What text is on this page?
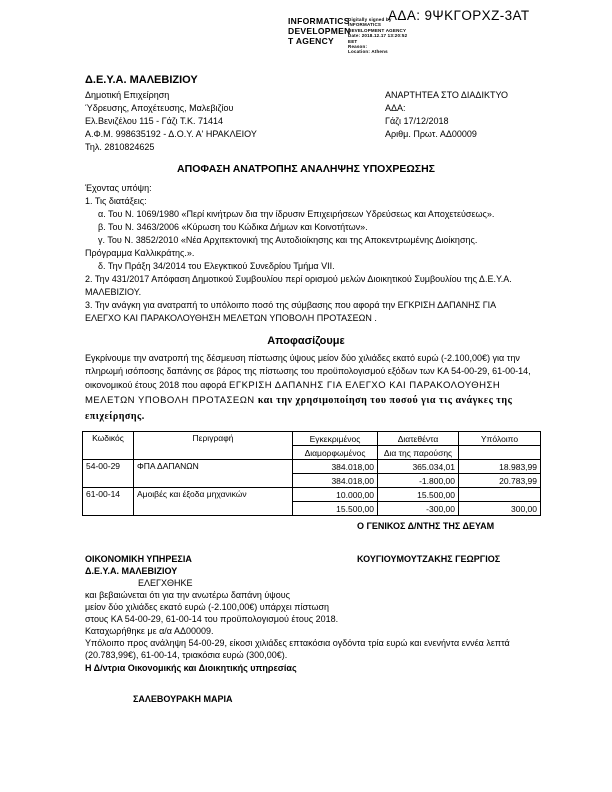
ΑΔΑ: 9ΨΚΓΟΡΧΖ-3ΑΤ
INFORMATICS
DEVELOPMEN
T AGENCY
Digitally signed by
INFORMATICS
DEVELOPMENT AGENCY
Date: 2018.12.17 13:20:52
EET
Reason:
Location: Athens
Δ.Ε.Υ.Α. ΜΑΛΕΒΙΖΙΟΥ
Δημοτική Επιχείρηση
Ύδρευσης, Αποχέτευσης, Μαλεβιζίου
Ελ.Βενιζέλου 115 - Γάζι Τ.Κ. 71414
Α.Φ.Μ. 998635192 - Δ.Ο.Υ. Α' ΗΡΑΚΛΕΙΟΥ
Τηλ. 2810824625
ΑΝΑΡΤΗΤΕΑ ΣΤΟ ΔΙΑΔΙΚΤΥΟ
ΑΔΑ:
Γάζι 17/12/2018
Αριθμ. Πρωτ. ΑΔ00009
ΑΠΟΦΑΣΗ ΑΝΑΤΡΟΠΗΣ ΑΝΑΛΗΨΗΣ ΥΠΟΧΡΕΩΣΗΣ
Έχοντας υπόψη:
1. Τις διατάξεις:
α. Του Ν. 1069/1980 «Περί κινήτρων δια την ίδρυσιν Επιχειρήσεων Υδρεύσεως και Αποχετεύσεως».
β. Του Ν. 3463/2006 «Κύρωση του Κώδικα Δήμων και Κοινοτήτων».
γ. Του Ν. 3852/2010 «Νέα Αρχιτεκτονική της Αυτοδιοίκησης και της Αποκεντρωμένης Διοίκησης.
Πρόγραμμα Καλλικράτης.».
δ. Την Πράξη 34/2014 του Ελεγκτικού Συνεδρίου Τμήμα VII.
2. Την 431/2017 Απόφαση Δημοτικού Συμβουλίου περί ορισμού μελών Διοικητικού Συμβουλίου της Δ.Ε.Υ.Α.
ΜΑΛΕΒΙΖΙΟΥ.
3. Την ανάγκη για ανατραπή το υπόλοιπο ποσό της σύμβασης που αφορά την ΕΓΚΡΙΣΗ ΔΑΠΑΝΗΣ ΓΙΑ
ΕΛΕΓΧΟ ΚΑΙ ΠΑΡΑΚΟΛΟΥΘΗΣΗ ΜΕΛΕΤΩΝ ΥΠΟΒΟΛΗ ΠΡΟΤΑΣΕΩΝ .
Αποφασίζουμε
Εγκρίνουμε την ανατροπή της δέσμευση πίστωσης ύψους μείον δύο χιλιάδες εκατό ευρώ (-2.100,00€) για την
πληρωμή ισόποσης δαπάνης σε βάρος της πίστωσης του προϋπολογισμού εξόδων των ΚΑ 54-00-29, 61-00-14,
οικονομικού έτους 2018 που αφορά ΕΓΚΡΙΣΗ ΔΑΠΑΝΗΣ ΓΙΑ ΕΛΕΓΧΟ ΚΑΙ ΠΑΡΑΚΟΛΟΥΘΗΣΗ
ΜΕΛΕΤΩΝ ΥΠΟΒΟΛΗ ΠΡΟΤΑΣΕΩΝ και την χρησιμοποίηση του ποσού για τις ανάγκες της
επιχείρησης.
Κωδικός	Περιγραφή	Εγκεκριμένος	Διατεθέντα	Υπόλοιπο
		Διαμορφωμένος	Δια της παρούσης	
54-00-29	ΦΠΑ ΔΑΠΑΝΩΝ	384.018,00	365.034,01	18.983,99
		384.018,00	-1.800,00	20.783,99
61-00-14	Αμοιβές και έξοδα μηχανικών	10.000,00	15.500,00	
		15.500,00	-300,00	300,00
Ο ΓΕΝΙΚΟΣ Δ/ΝΤΗΣ ΤΗΣ ΔΕΥΑΜ
ΟΙΚΟΝΟΜΙΚΗ ΥΠΗΡΕΣΙΑ	ΚΟΥΓΙΟΥΜΟΥΤΖΑΚΗΣ ΓΕΩΡΓΙΟΣ
Δ.Ε.Υ.Α. ΜΑΛΕΒΙΖΙΟΥ
ΕΛΕΓΧΘΗΚΕ
και βεβαιώνεται ότι για την ανωτέρω δαπάνη ύψους
μείον δύο χιλιάδες εκατό ευρώ (-2.100,00€) υπάρχει πίστωση
στους ΚΑ 54-00-29, 61-00-14 του προϋπολογισμού έτους 2018.
Καταχωρήθηκε με α/α ΑΔ00009.
Υπόλοιπο προς ανάληψη 54-00-29, είκοσι χιλιάδες επτακόσια ογδόντα τρία ευρώ και ενενήντα εννέα λεπτά
(20.783,99€), 61-00-14, τριακόσια ευρώ (300,00€).
Η Δ/ντρια Οικονομικής και Διοικητικής υπηρεσίας
ΣΑΛΕΒΟΥΡΑΚΗ ΜΑΡΙΑ
